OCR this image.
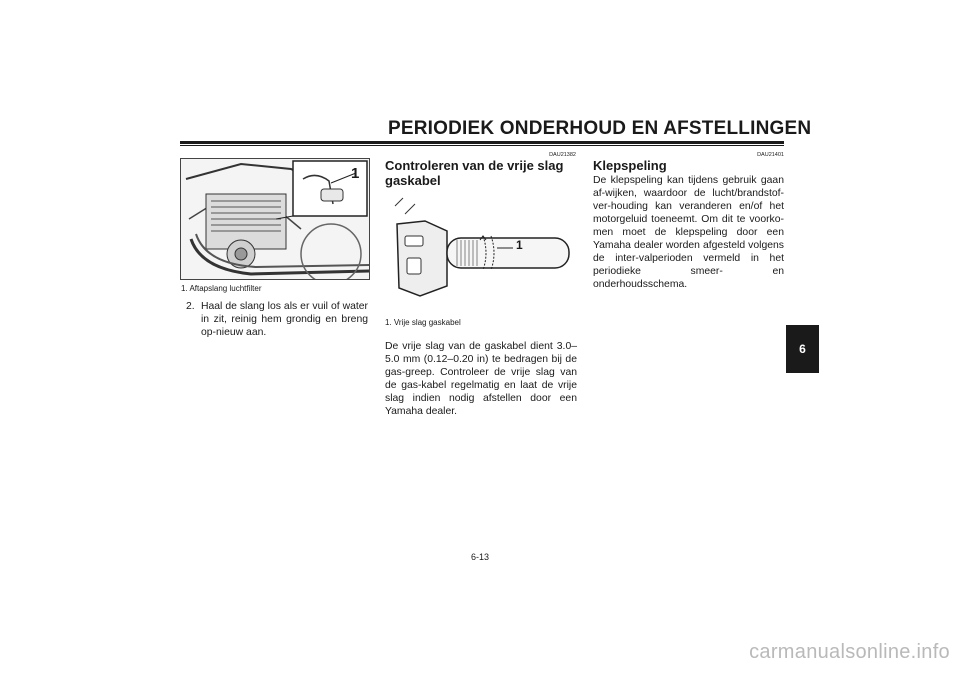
PERIODIEK ONDERHOUD EN AFSTELLINGEN
1
1. Aftapslang luchtfilter
2. Haal de slang los als er vuil of water in zit, reinig hem grondig en breng op-nieuw aan.
DAU21382
Controleren van de vrije slag gaskabel
1
1. Vrije slag gaskabel
De vrije slag van de gaskabel dient 3.0–5.0 mm (0.12–0.20 in) te bedragen bij de gas-greep. Controleer de vrije slag van de gas-kabel regelmatig en laat de vrije slag indien nodig afstellen door een Yamaha dealer.
DAU21401
Klepspeling
De klepspeling kan tijdens gebruik gaan af-wijken, waardoor de lucht/brandstof-ver-houding kan veranderen en/of het motorgeluid toeneemt. Om dit te voorko-men moet de klepspeling door een Yamaha dealer worden afgesteld volgens de inter-valperioden vermeld in het periodieke smeer- en onderhoudsschema.
6
6-13
carmanualsonline.info
